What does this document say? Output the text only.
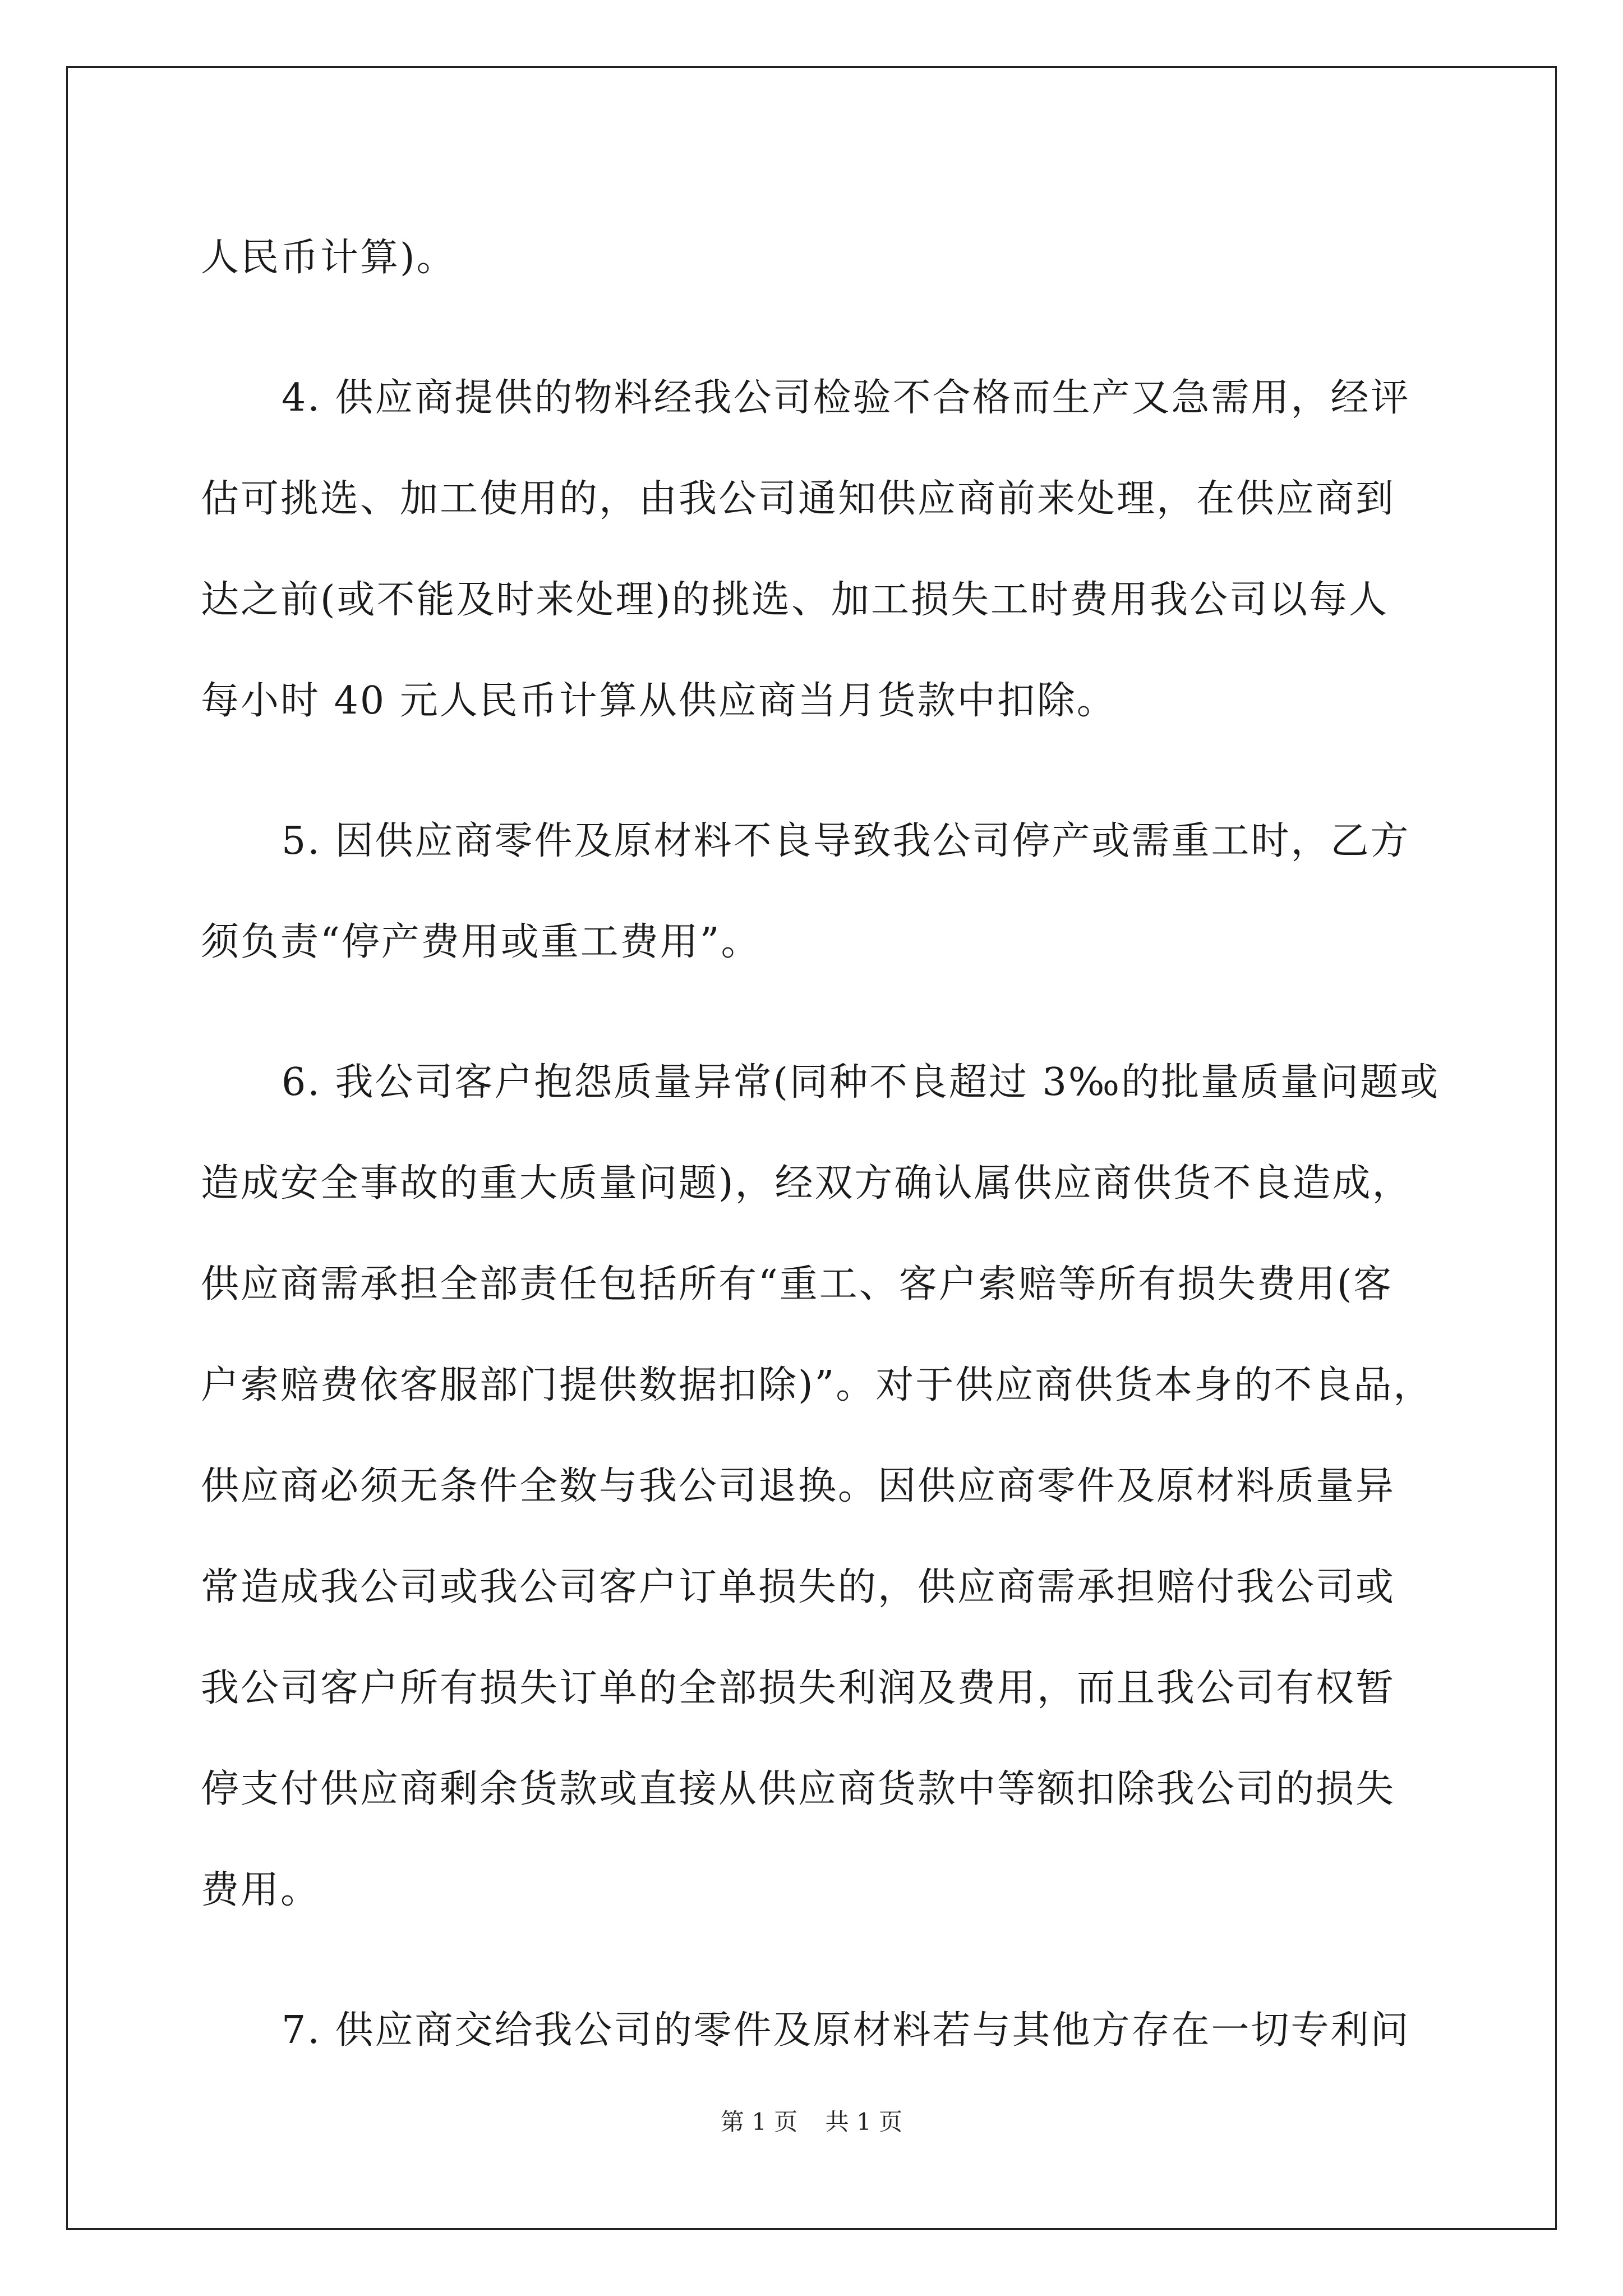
人民币计算)。
4. 供应商提供的物料经我公司检验不合格而生产又急需用，经评
估可挑选、加工使用的，由我公司通知供应商前来处理，在供应商到
达之前(或不能及时来处理)的挑选、加工损失工时费用我公司以每人
每小时 40 元人民币计算从供应商当月货款中扣除。
5. 因供应商零件及原材料不良导致我公司停产或需重工时，乙方
须负责“停产费用或重工费用”。
6. 我公司客户抱怨质量异常(同种不良超过 3‰的批量质量问题或
造成安全事故的重大质量问题)，经双方确认属供应商供货不良造成，
供应商需承担全部责任包括所有“重工、客户索赔等所有损失费用(客
户索赔费依客服部门提供数据扣除)”。对于供应商供货本身的不良品，
供应商必须无条件全数与我公司退换。因供应商零件及原材料质量异
常造成我公司或我公司客户订单损失的，供应商需承担赔付我公司或
我公司客户所有损失订单的全部损失利润及费用，而且我公司有权暂
停支付供应商剩余货款或直接从供应商货款中等额扣除我公司的损失
费用。
7. 供应商交给我公司的零件及原材料若与其他方存在一切专利问
第 1 页 共 1 页
